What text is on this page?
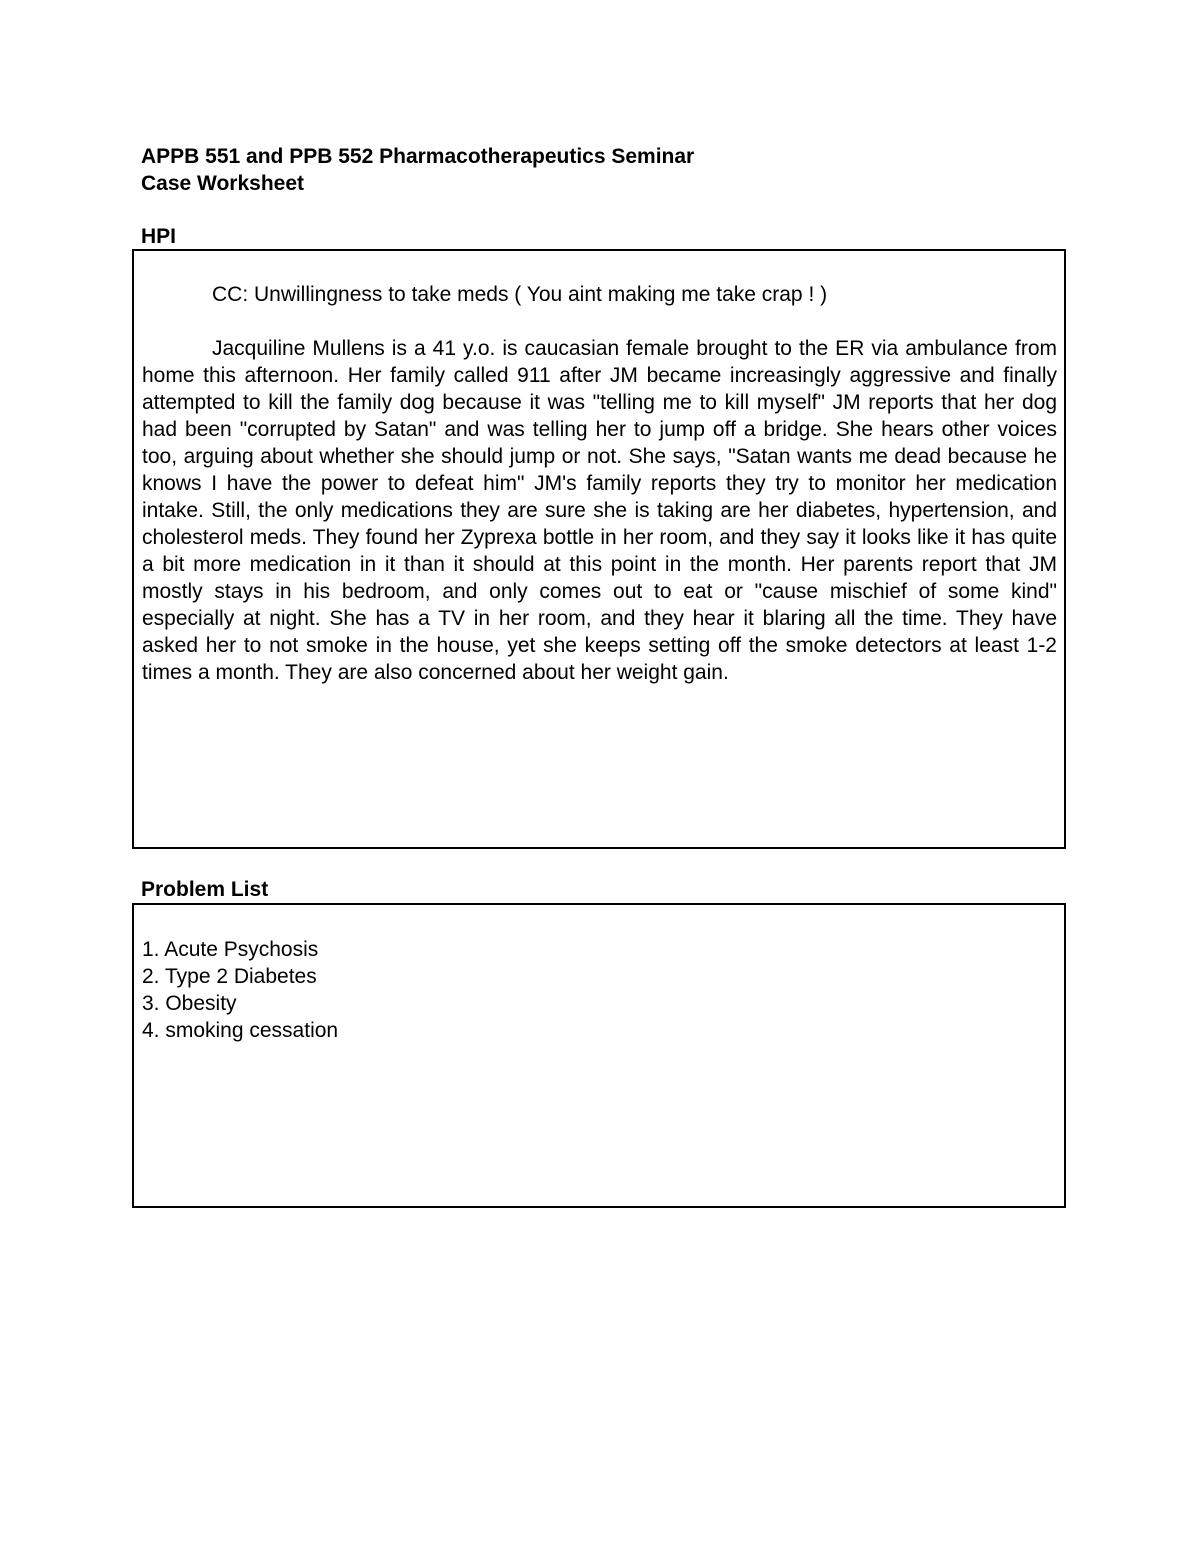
APPB 551 and PPB 552 Pharmacotherapeutics Seminar
Case Worksheet
HPI

CC: Unwillingness to take meds ( You aint making me take crap ! )

Jacquiline Mullens is a 41 y.o. is caucasian female brought to the ER via ambulance from home this afternoon. Her family called 911 after JM became increasingly aggressive and finally attempted to kill the family dog because it was "telling me to kill myself" JM reports that her dog had been "corrupted by Satan" and was telling her to jump off a bridge. She hears other voices too, arguing about whether she should jump or not. She says, "Satan wants me dead because he knows I have the power to defeat him" JM's family reports they try to monitor her medication intake. Still, the only medications they are sure she is taking are her diabetes, hypertension, and cholesterol meds. They found her Zyprexa bottle in her room, and they say it looks like it has quite a bit more medication in it than it should at this point in the month. Her parents report that JM mostly stays in his bedroom, and only comes out to eat or "cause mischief of some kind" especially at night. She has a TV in her room, and they hear it blaring all the time. They have asked her to not smoke in the house, yet she keeps setting off the smoke detectors at least 1-2 times a month. They are also concerned about her weight gain.

Problem List
1. Acute Psychosis
2. Type 2 Diabetes
3. Obesity
4. smoking cessation
